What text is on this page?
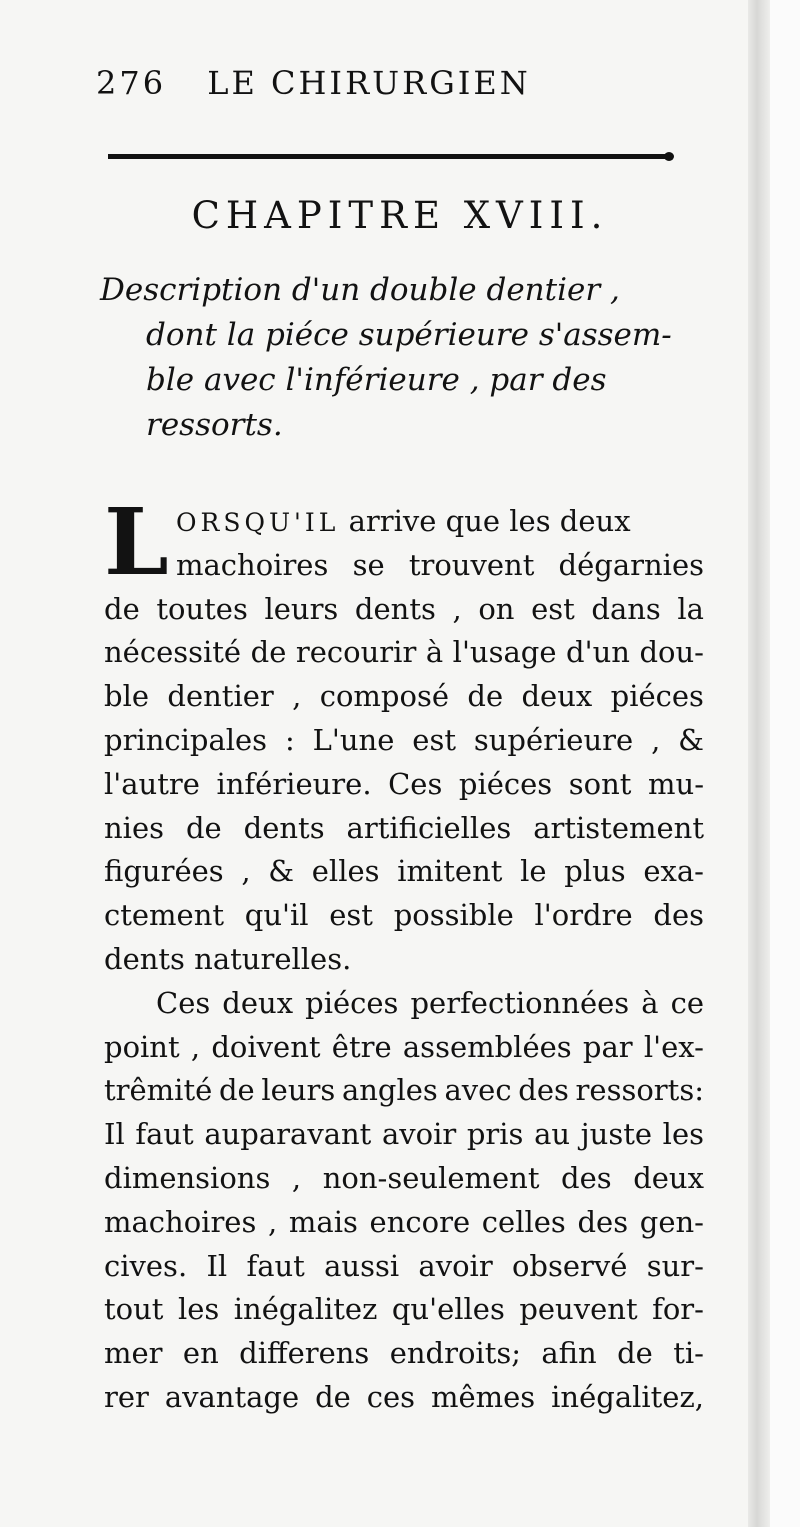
276 LE CHIRURGIEN
CHAPITRE XVIII.
Description d'un double dentier ,
dont la piéce supérieure s'assem-
ble avec l'inférieure , par des
ressorts.
L ORSQU'IL arrive que les deux
machoires se trouvent dégarnies
de toutes leurs dents , on est dans la
nécessité de recourir à l'usage d'un dou-
ble dentier , composé de deux piéces
principales : L'une est supérieure , &
l'autre inférieure. Ces piéces sont mu-
nies de dents artificielles artistement
figurées , & elles imitent le plus exa-
ctement qu'il est possible l'ordre des
dents naturelles.
Ces deux piéces perfectionnées à ce
point , doivent être assemblées par l'ex-
trêmité de leurs angles avec des ressorts:
Il faut auparavant avoir pris au juste les
dimensions , non-seulement des deux
machoires , mais encore celles des gen-
cives. Il faut aussi avoir observé sur-
tout les inégalitez qu'elles peuvent for-
mer en differens endroits; afin de ti-
rer avantage de ces mêmes inégalitez,
